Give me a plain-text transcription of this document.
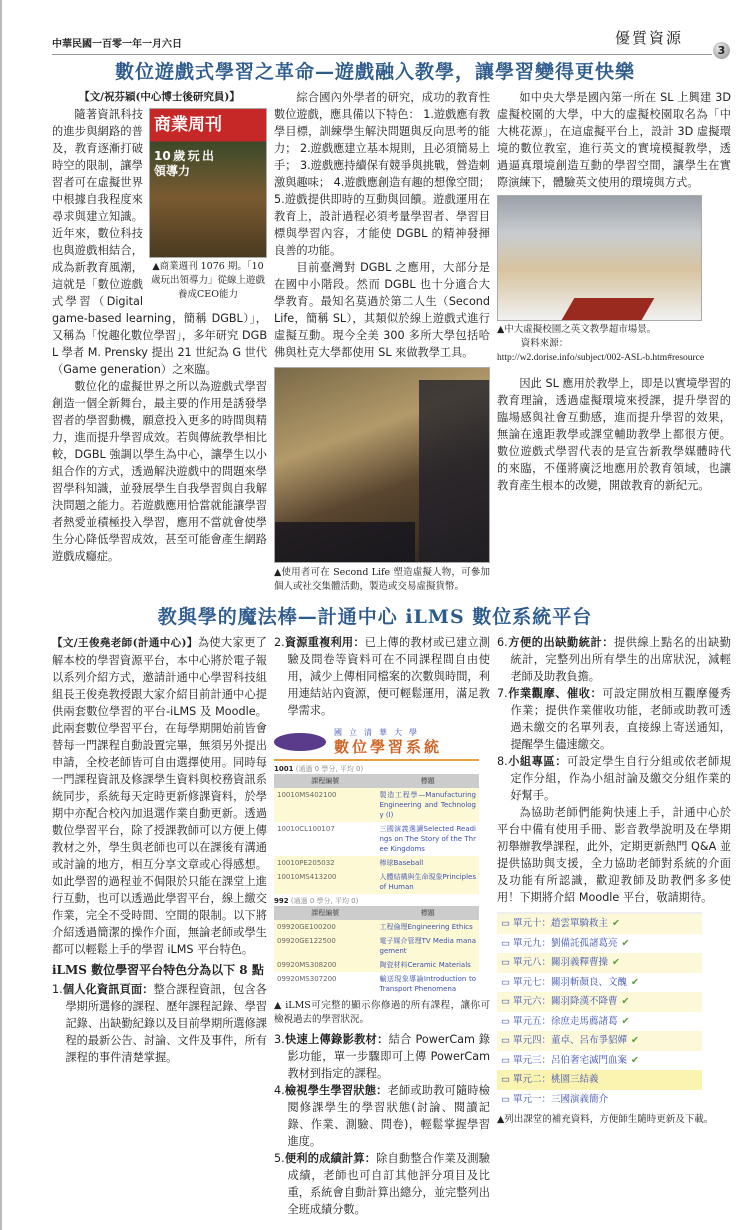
中華民國一百零一年一月六日	優質資源
3
數位遊戲式學習之革命—遊戲融入教學，讓學習變得更快樂
【文/祝芬穎(中心博士後研究員)】
商業周刊
10歲玩出領導力
▲商業週刊 1076 期。「10歲玩出領導力」從線上遊戲養成CEO能力

隨著資訊科技的進步與網路的普及，教育逐漸打破時空的限制，讓學習者可在虛擬世界中根據自我程度來尋求與建立知識。近年來，數位科技也與遊戲相結合，成為新教育風潮，這就是「數位遊戲式學習（Digital game-based learning，簡稱 DGBL）」，又稱為「悅趣化數位學習」，多年研究 DGBL 學者 M. Prensky 提出 21 世紀為 G 世代（Game generation）之來臨。

數位化的虛擬世界之所以為遊戲式學習創造一個全新舞台，最主要的作用是誘發學習者的學習動機，願意投入更多的時間與精力，進而提升學習成效。若與傳統教學相比較，DGBL 強調以學生為中心，讓學生以小組合作的方式，透過解決遊戲中的問題來學習學科知識，並發展學生自我學習與自我解決問題之能力。若遊戲應用恰當就能讓學習者熱愛並積極投入學習，應用不當就會使學生分心降低學習成效，甚至可能會產生網路遊戲成癮症。

綜合國內外學者的研究，成功的教育性數位遊戲，應具備以下特色： 1.遊戲應有教學目標，訓練學生解決問題與反向思考的能力； 2.遊戲應建立基本規則，且必須簡易上手； 3.遊戲應持續保有競爭與挑戰，營造刺激與趣味； 4.遊戲應創造有趣的想像空間； 5.遊戲提供即時的互動與回饋。遊戲運用在教育上，設計過程必須考量學習者、學習目標與學習內容，才能使 DGBL 的精神發揮良善的功能。

目前臺灣對 DGBL 之應用，大部分是在國中小階段。然而 DGBL 也十分適合大學教育。最知名莫過於第二人生（Second Life，簡稱 SL），其類似於線上遊戲式進行虛擬互動。現今全美 300 多所大學包括哈佛與杜克大學都使用 SL 來做教學工具。

▲使用者可在 Second Life 塑造虛擬人物，可參加個人或社交集體活動，製造或交易虛擬貨幣。

如中央大學是國內第一所在 SL 上興建 3D 虛擬校園的大學，中大的虛擬校園取名為「中大桃花源」，在這虛擬平台上，設計 3D 虛擬環境的數位教室，進行英文的實境模擬教學，透過逼真環境創造互動的學習空間，讓學生在實際演練下，體驗英文使用的環境與方式。

▲中大虛擬校園之英文教學超市場景。
資料來源：
http://w2.dorise.info/subject/002-ASL-b.htm#resource

因此 SL 應用於教學上，即是以實境學習的教育理論，透過虛擬環境來授課，提升學習的臨場感與社會互動感，進而提升學習的效果，無論在遠距教學或課堂輔助教學上都很方便。數位遊戲式學習代表的是宣告新教學媒體時代的來臨，不僅將廣泛地應用於教育領域，也讓教育產生根本的改變，開啟教育的新紀元。

教與學的魔法棒—計通中心 iLMS 數位系統平台

【文/王俊堯老師(計通中心)】為使大家更了解本校的學習資源平台，本中心將於電子報以系列介紹方式，邀請計通中心學習科技組組長王俊堯教授跟大家介紹目前計通中心提供兩套數位學習的平台-iLMS 及 Moodle。此兩套數位學習平台，在每學期開始前皆會替每一門課程自動設置完畢，無須另外提出申請，全校老師皆可自由選擇使用。同時每一門課程資訊及修課學生資料與校務資訊系統同步，系統每天定時更新修課資料，於學期中亦配合校內加退選作業自動更新。透過數位學習平台，除了授課教師可以方便上傳教材之外，學生與老師也可以在課後有溝通或討論的地方，相互分享文章或心得感想。如此學習的過程並不侷限於只能在課堂上進行互動，也可以透過此學習平台，線上繳交作業，完全不受時間、空間的限制。以下將介紹透過簡潔的操作介面，無論老師或學生都可以輕鬆上手的學習 iLMS 平台特色。

iLMS 數位學習平台特色分為以下 8 點
1.個人化資訊頁面：整合課程資訊，包含各學期所選修的課程、歷年課程記錄、學習記錄、出缺勤紀錄以及目前學期所選修課程的最新公告、討論、文件及事件，所有課程的事件清楚掌握。
2.資源重複利用：已上傳的教材或已建立測驗及問卷等資料可在不同課程間自由使用，減少上傳相同檔案的次數與時間，利用連結站內資源，便可輕鬆運用，滿足教學需求。
國立清華大學
數位學習系統
1001 (通過 0 學分, 平均 0)
課程編號	標題
10010MS402100	製造工程學—Manufacturing Engineering and Technology (I)
10010CL100107	三國演義選讀Selected Readings on The Story of the Three Kingdoms
10010PE205032	棒球Baseball
10010MS413200	人體結構與生命現象Principles of Human
992 (通過 0 學分, 平均 0)
課程編號	標題
09920GE100200	工程倫理Engineering Ethics
09920GE122500	電子媒介管理TV Media management
09920MS308200	陶瓷材料Ceramic Materials
09920MS307200	輸送現象導論Introduction to Transport Phenomena
▲ iLMS可完整的顯示你修過的所有課程，讓你可檢視過去的學習狀況。
3.快速上傳錄影教材：結合 PowerCam 錄影功能，單一步驟即可上傳 PowerCam 教材到指定的課程。
4.檢視學生學習狀態：老師或助教可隨時檢閱修課學生的學習狀態(討論、閱讀記錄、作業、測驗、問卷)，輕鬆掌握學習進度。
5.便利的成績計算：除自動整合作業及測驗成績，老師也可自訂其他評分項目及比重，系統會自動計算出總分，並完整列出全班成績分數。
6.方便的出缺勤統計：提供線上點名的出缺勤統計，完整列出所有學生的出席狀況，減輕老師及助教負擔。
7.作業觀摩、催收：可設定開放相互觀摩優秀作業；提供作業催收功能，老師或助教可透過未繳交的名單列表，直接線上寄送通知，提醒學生儘速繳交。
8.小組專區：可設定學生自行分組或依老師規定作分組，作為小組討論及繳交分組作業的好幫手。

為協助老師們能夠快速上手，計通中心於平台中備有使用手冊、影音教學說明及在學期初舉辦教學課程，此外，定期更新熱門 Q&A 並提供協助與支援，全力協助老師對系統的介面及功能有所認識，歡迎教師及助教們多多使用！下期將介紹 Moodle 平台，敬請期待。

▭ 單元十：趙雲單騎救主 ✔
▭ 單元九：劉備託孤諸葛亮 ✔
▭ 單元八：關羽義釋曹操 ✔
▭ 單元七：關羽斬顏良、文醜 ✔
▭ 單元六：關羽降漢不降曹 ✔
▭ 單元五：徐庶走馬薦諸葛 ✔
▭ 單元四：董卓、呂布爭貂嬋 ✔
▭ 單元三：呂伯奢宅滅門血案 ✔
▭ 單元二：桃園三結義
▭ 單元一：三國演義簡介
▲列出課堂的補充資料，方便師生隨時更新及下載。
